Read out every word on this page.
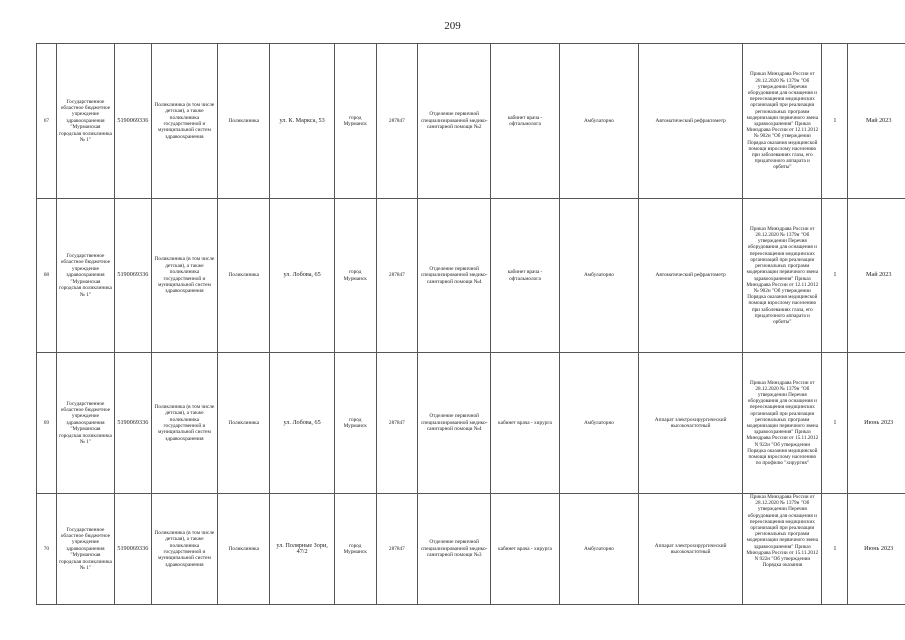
209
67	Государственное областное бюджетное учреждение здравоохранения "Мурманская городская поликлиника № 1"	5190069336	Поликлиника (в том числе детская), а также поликлиника государственной и муниципальной систем здравоохранения	Поликлиника	ул. К. Маркса, 53	город Мурманск	287847	Отделение первичной специализированной медико-санитарной помощи №2	кабинет врача - офтальмолога	Амбулаторно	Автоматический рефрактометр	Приказ Минздрава России от 28.12.2020 № 1379н "Об утверждении Перечня оборудования для оснащения и переоснащения медицинских организаций при реализации региональных программ модернизации первичного звена здравоохранения" Приказ Минздрава России от 12.11.2012 № 902н "Об утверждении Порядка оказания медицинской помощи взрослому населению при заболеваниях глаза, его придаточного аппарата и орбиты"	1	Май 2023
68	Государственное областное бюджетное учреждение здравоохранения "Мурманская городская поликлиника № 1"	5190069336	Поликлиника (в том числе детская), а также поликлиника государственной и муниципальной систем здравоохранения	Поликлиника	ул. Лобова, 65	город Мурманск	287847	Отделение первичной специализированной медико-санитарной помощи №4	кабинет врача - офтальмолога	Амбулаторно	Автоматический рефрактометр	Приказ Минздрава России от 28.12.2020 № 1379н "Об утверждении Перечня оборудования для оснащения и переоснащения медицинских организаций при реализации региональных программ модернизации первичного звена здравоохранения" Приказ Минздрава России от 12.11.2012 № 902н "Об утверждении Порядка оказания медицинской помощи взрослому населению при заболеваниях глаза, его придаточного аппарата и орбиты"	1	Май 2023
69	Государственное областное бюджетное учреждение здравоохранения "Мурманская городская поликлиника № 1"	5190069336	Поликлиника (в том числе детская), а также поликлиника государственной и муниципальной систем здравоохранения	Поликлиника	ул. Лобова, 65	город Мурманск	287847	Отделение первичной специализированной медико-санитарной помощи №4	кабинет врача - хирурга	Амбулаторно	Аппарат электрохирургический высокочастотный	Приказ Минздрава России от 28.12.2020 № 1379н "Об утверждении Перечня оборудования для оснащения и переоснащения медицинских организаций при реализации региональных программ модернизации первичного звена здравоохранения" Приказ Минздрава России от 15.11.2012 N 922н "Об утверждении Порядка оказания медицинской помощи взрослому населению по профилю "хирургия"	1	Июнь 2023
70	Государственное областное бюджетное учреждение здравоохранения "Мурманская городская поликлиника № 1"	5190069336	Поликлиника (в том числе детская), а также поликлиника государственной и муниципальной систем здравоохранения	Поликлиника	ул. Полярные Зори, 47/2	город Мурманск	287847	Отделение первичной специализированной медико-санитарной помощи №3	кабинет врача - хирурга	Амбулаторно	Аппарат электрохирургический высокочастотный	Приказ Минздрава России от 28.12.2020 № 1379н "Об утверждении Перечня оборудования для оснащения и переоснащения медицинских организаций при реализации региональных программ модернизации первичного звена здравоохранения" Приказ Минздрава России от 15.11.2012 N 922н "Об утверждении Порядка оказания	1	Июнь 2023
